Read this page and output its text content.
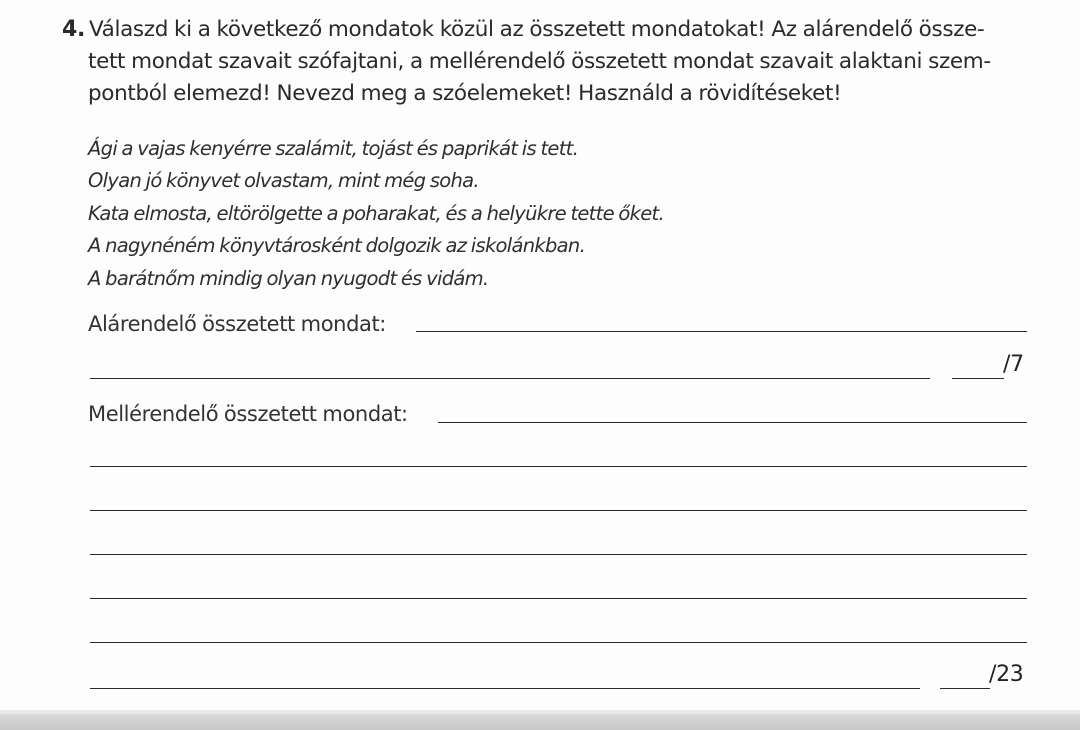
4. Válaszd ki a következő mondatok közül az összetett mondatokat! Az alárendelő össze-
tett mondat szavait szófajtani, a mellérendelő összetett mondat szavait alaktani szem-
pontból elemezd! Nevezd meg a szóelemeket! Használd a rövidítéseket!
Ági a vajas kenyérre szalámit, tojást és paprikát is tett.
Olyan jó könyvet olvastam, mint még soha.
Kata elmosta, eltörölgette a poharakat, és a helyükre tette őket.
A nagynéném könyvtárosként dolgozik az iskolánkban.
A barátnőm mindig olyan nyugodt és vidám.
Alárendelő összetett mondat:
/7
Mellérendelő összetett mondat:
/23
